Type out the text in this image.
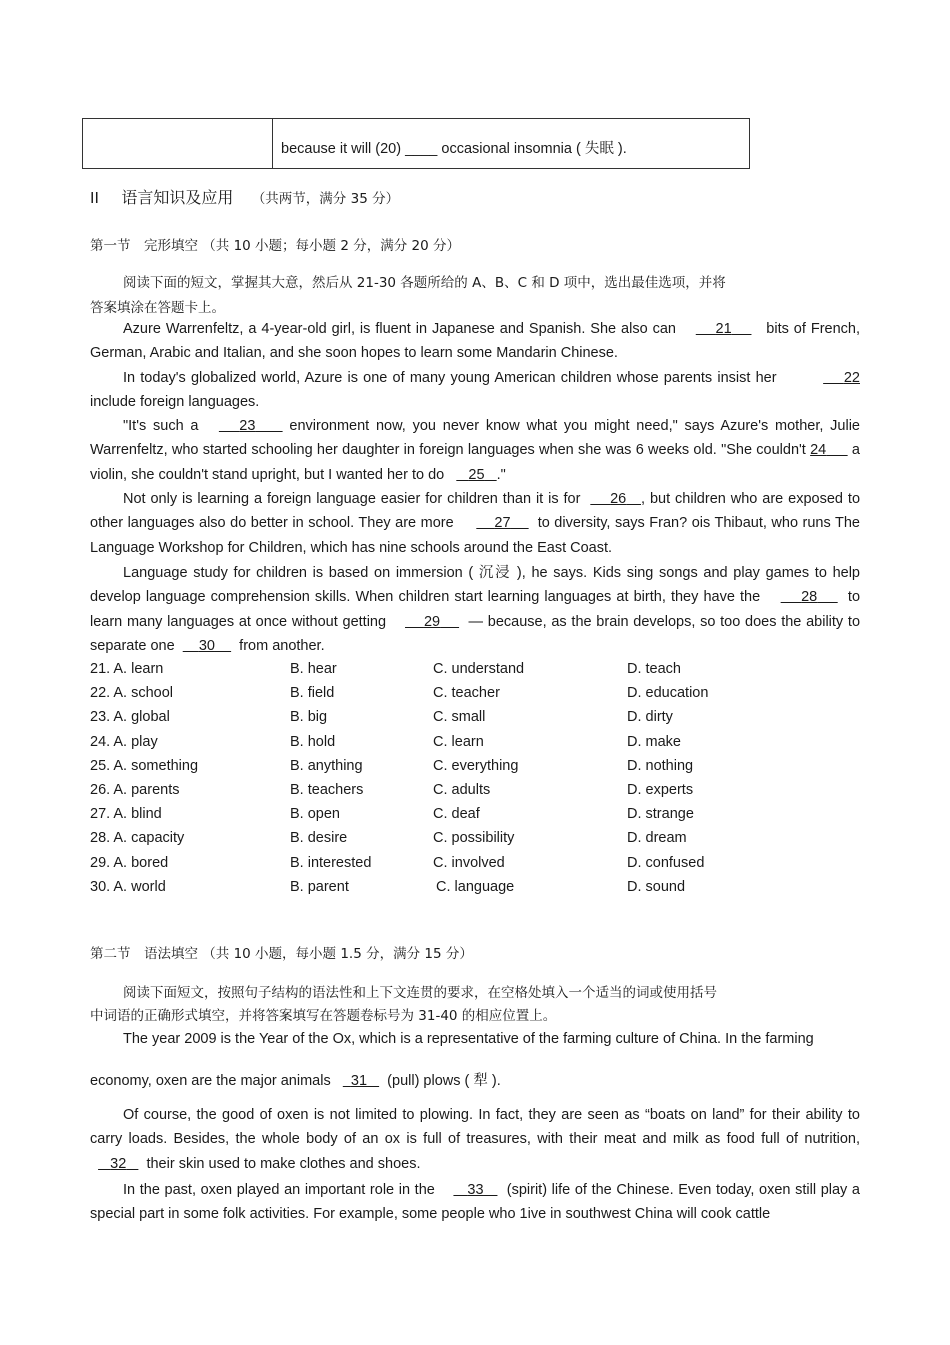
because it will (20) ____ occasional insomnia ( 失眠 ).
II 语言知识及应用 （共两节，满分 35 分）
第一节　完形填空 （共 10 小题；每小题 2 分，满分 20 分）
阅读下面的短文，掌握其大意，然后从 21-30 各题所给的 A、B、C 和 D 项中，选出最佳选项，并将
答案填涂在答题卡上。
Azure Warrenfeltz, a 4-year-old girl, is fluent in Japanese and Spanish. She also can	21 bits of French, German, Arabic and Italian, and she soon hopes to learn some Mandarin Chinese.
In today's globalized world, Azure is one of many young American children whose parents insist her	22 include foreign languages.
"It's such a	23 environment now, you never know what you might need," says Azure's mother, Julie Warrenfeltz, who started schooling her daughter in foreign languages when she was 6 weeks old. "She couldn't 24 a violin, she couldn't stand upright, but I wanted her to do 25 ."
Not only is learning a foreign language easier for children than it is for 26 , but children who are exposed to other languages also do better in school. They are more	27 to diversity, says Fran? ois Thibaut, who runs The Language Workshop for Children, which has nine schools around the East Coast.
Language study for children is based on immersion ( 沉浸 ), he says. Kids sing songs and play games to help develop language comprehension skills. When children start learning languages at birth, they have the	28 to learn many languages at once without getting	29 — because, as the brain develops, so too does the ability to separate one 30 from another.
21. A. learn	B. hear	C. understand	D. teach
22. A. school	B. field	C. teacher	D. education
23. A. global	B. big	C. small	D. dirty
24. A. play	B. hold	C. learn	D. make
25. A. something	B. anything	C. everything	D. nothing
26. A. parents	B. teachers	C. adults	D. experts
27. A. blind	B. open	C. deaf	D. strange
28. A. capacity	B. desire	C. possibility	D. dream
29. A. bored	B. interested	C. involved	D. confused
30. A. world	B. parent	C. language	D. sound
第二节　语法填空 （共 10 小题，每小题 1.5 分，满分 15 分）
阅读下面短文，按照句子结构的语法性和上下文连贯的要求，在空格处填入一个适当的词或使用括号
中词语的正确形式填空，并将答案填写在答题卷标号为 31-40 的相应位置上。
The year 2009 is the Year of the Ox, which is a representative of the farming culture of China. In the farming
economy, oxen are the major animals 31 (pull) plows ( 犁 ).
Of course, the good of oxen is not limited to plowing. In fact, they are seen as “boats on land” for their ability to carry loads. Besides, the whole body of an ox is full of treasures, with their meat and milk as food full of nutrition,      32 their skin used to make clothes and shoes.
In the past, oxen played an important role in the 33 (spirit) life of the Chinese. Even today, oxen still play a special part in some folk activities. For example, some people who 1ive in southwest China will cook cattle
